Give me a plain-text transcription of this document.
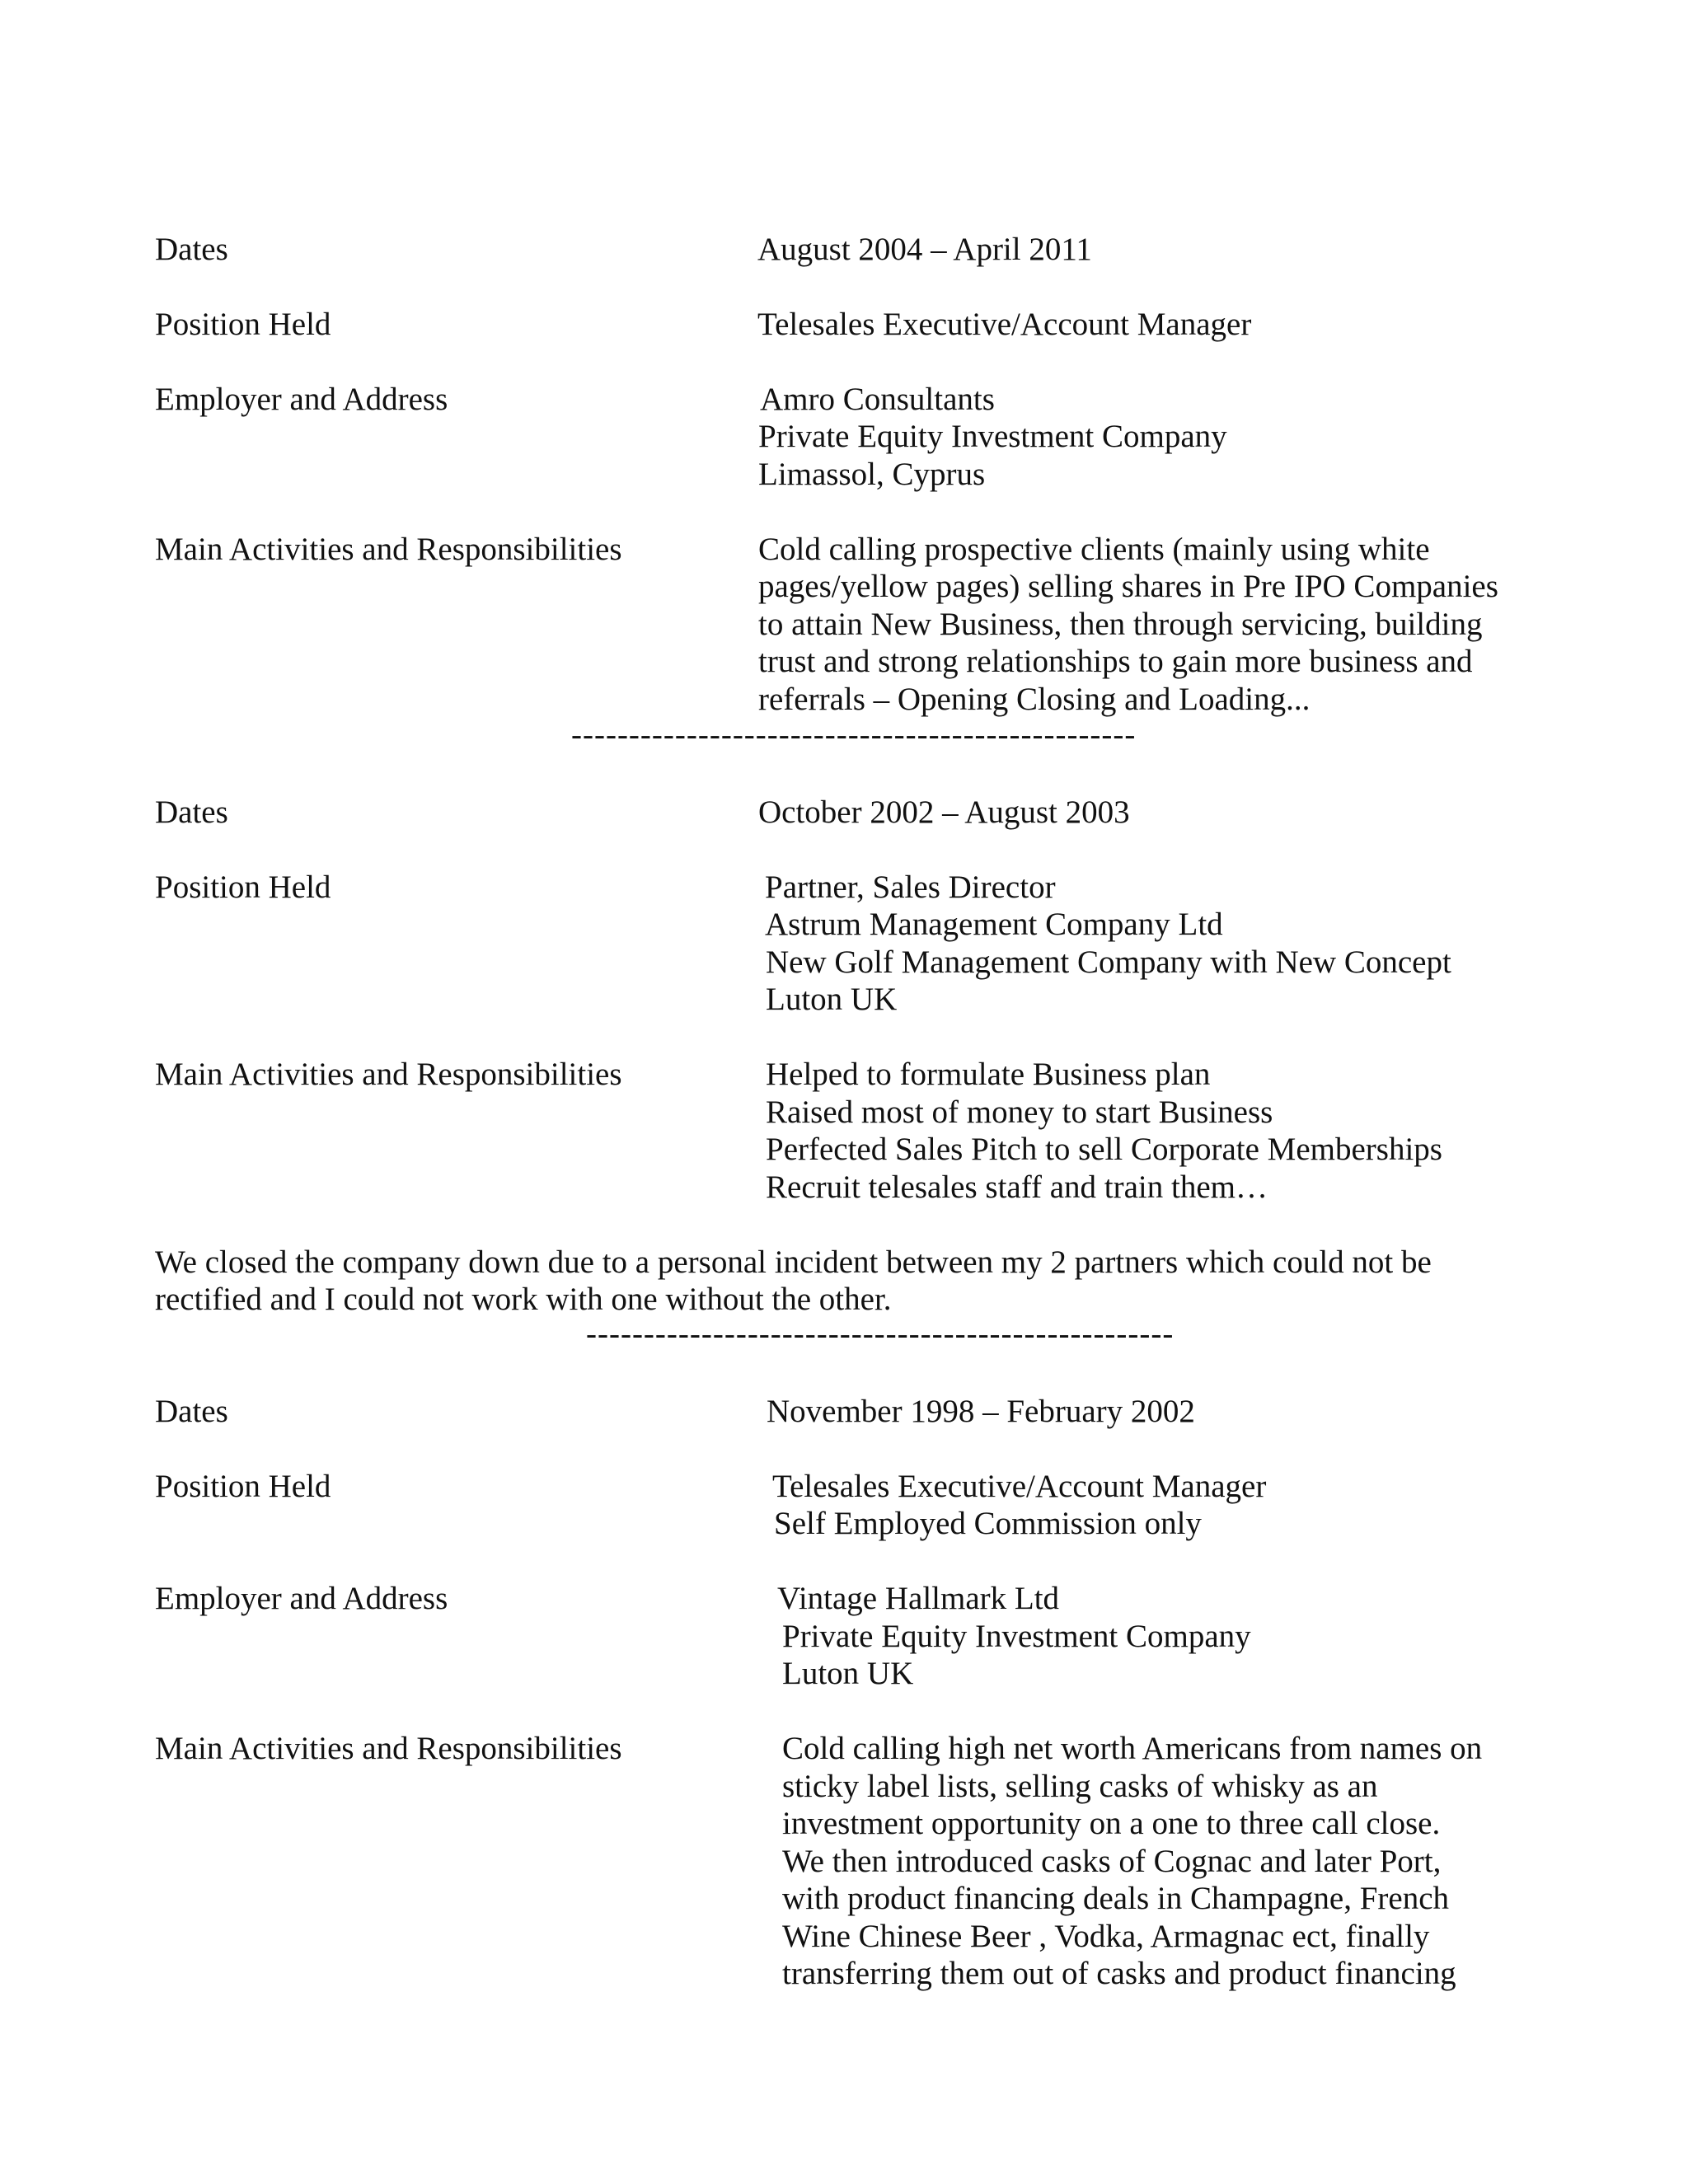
Dates	August 2004 – April 2011

Position Held	Telesales Executive/Account Manager

Employer and Address	Amro Consultants

Private Equity Investment Company

Limassol, Cyprus

Main Activities and Responsibilities	Cold calling prospective clients (mainly using white

pages/yellow pages) selling shares in Pre IPO Companies

to attain New Business, then through servicing, building

trust and strong relationships to gain more business and

referrals – Opening Closing and Loading...

-------------------------------------------------

Dates	October 2002 – August 2003

Position Held	Partner, Sales Director

Astrum Management Company Ltd

New Golf Management Company with New Concept

Luton UK

Main Activities and Responsibilities	Helped to formulate Business plan

Raised most of money to start Business

Perfected Sales Pitch to sell Corporate Memberships

Recruit telesales staff and train them…

We closed the company down due to a personal incident between my 2 partners which could not be

rectified and I could not work with one without the other.

---------------------------------------------------

Dates	November 1998 – February 2002

Position Held	Telesales Executive/Account Manager

Self Employed Commission only

Employer and Address	Vintage Hallmark Ltd

Private Equity Investment Company

Luton UK

Main Activities and Responsibilities	Cold calling high net worth Americans from names on

sticky label lists, selling casks of whisky as an

investment opportunity on a one to three call close.

We then introduced casks of Cognac and later Port,

with product financing deals in Champagne, French

Wine Chinese Beer , Vodka, Armagnac ect, finally

transferring them out of casks and product financing
